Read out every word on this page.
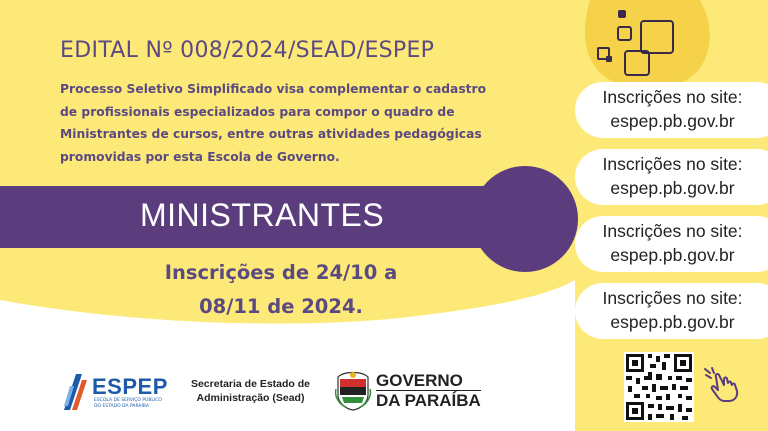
EDITAL Nº 008/2024/SEAD/ESPEP
Processo Seletivo Simplificado visa complementar o cadastro
de profissionais especializados para compor o quadro de
Ministrantes de cursos, entre outras atividades pedagógicas
promovidas por esta Escola de Governo.
MINISTRANTES
Inscrições de 24/10 a
08/11 de 2024.
Inscrições no site:
espep.pb.gov.br
Inscrições no site:
espep.pb.gov.br
Inscrições no site:
espep.pb.gov.br
Inscrições no site:
espep.pb.gov.br
ESPEP
ESCOLA DE SERVIÇO PÚBLICO
DO ESTADO DA PARAÍBA
Secretaria de Estado de
Administração (Sead)
GOVERNO
DA PARAÍBA
